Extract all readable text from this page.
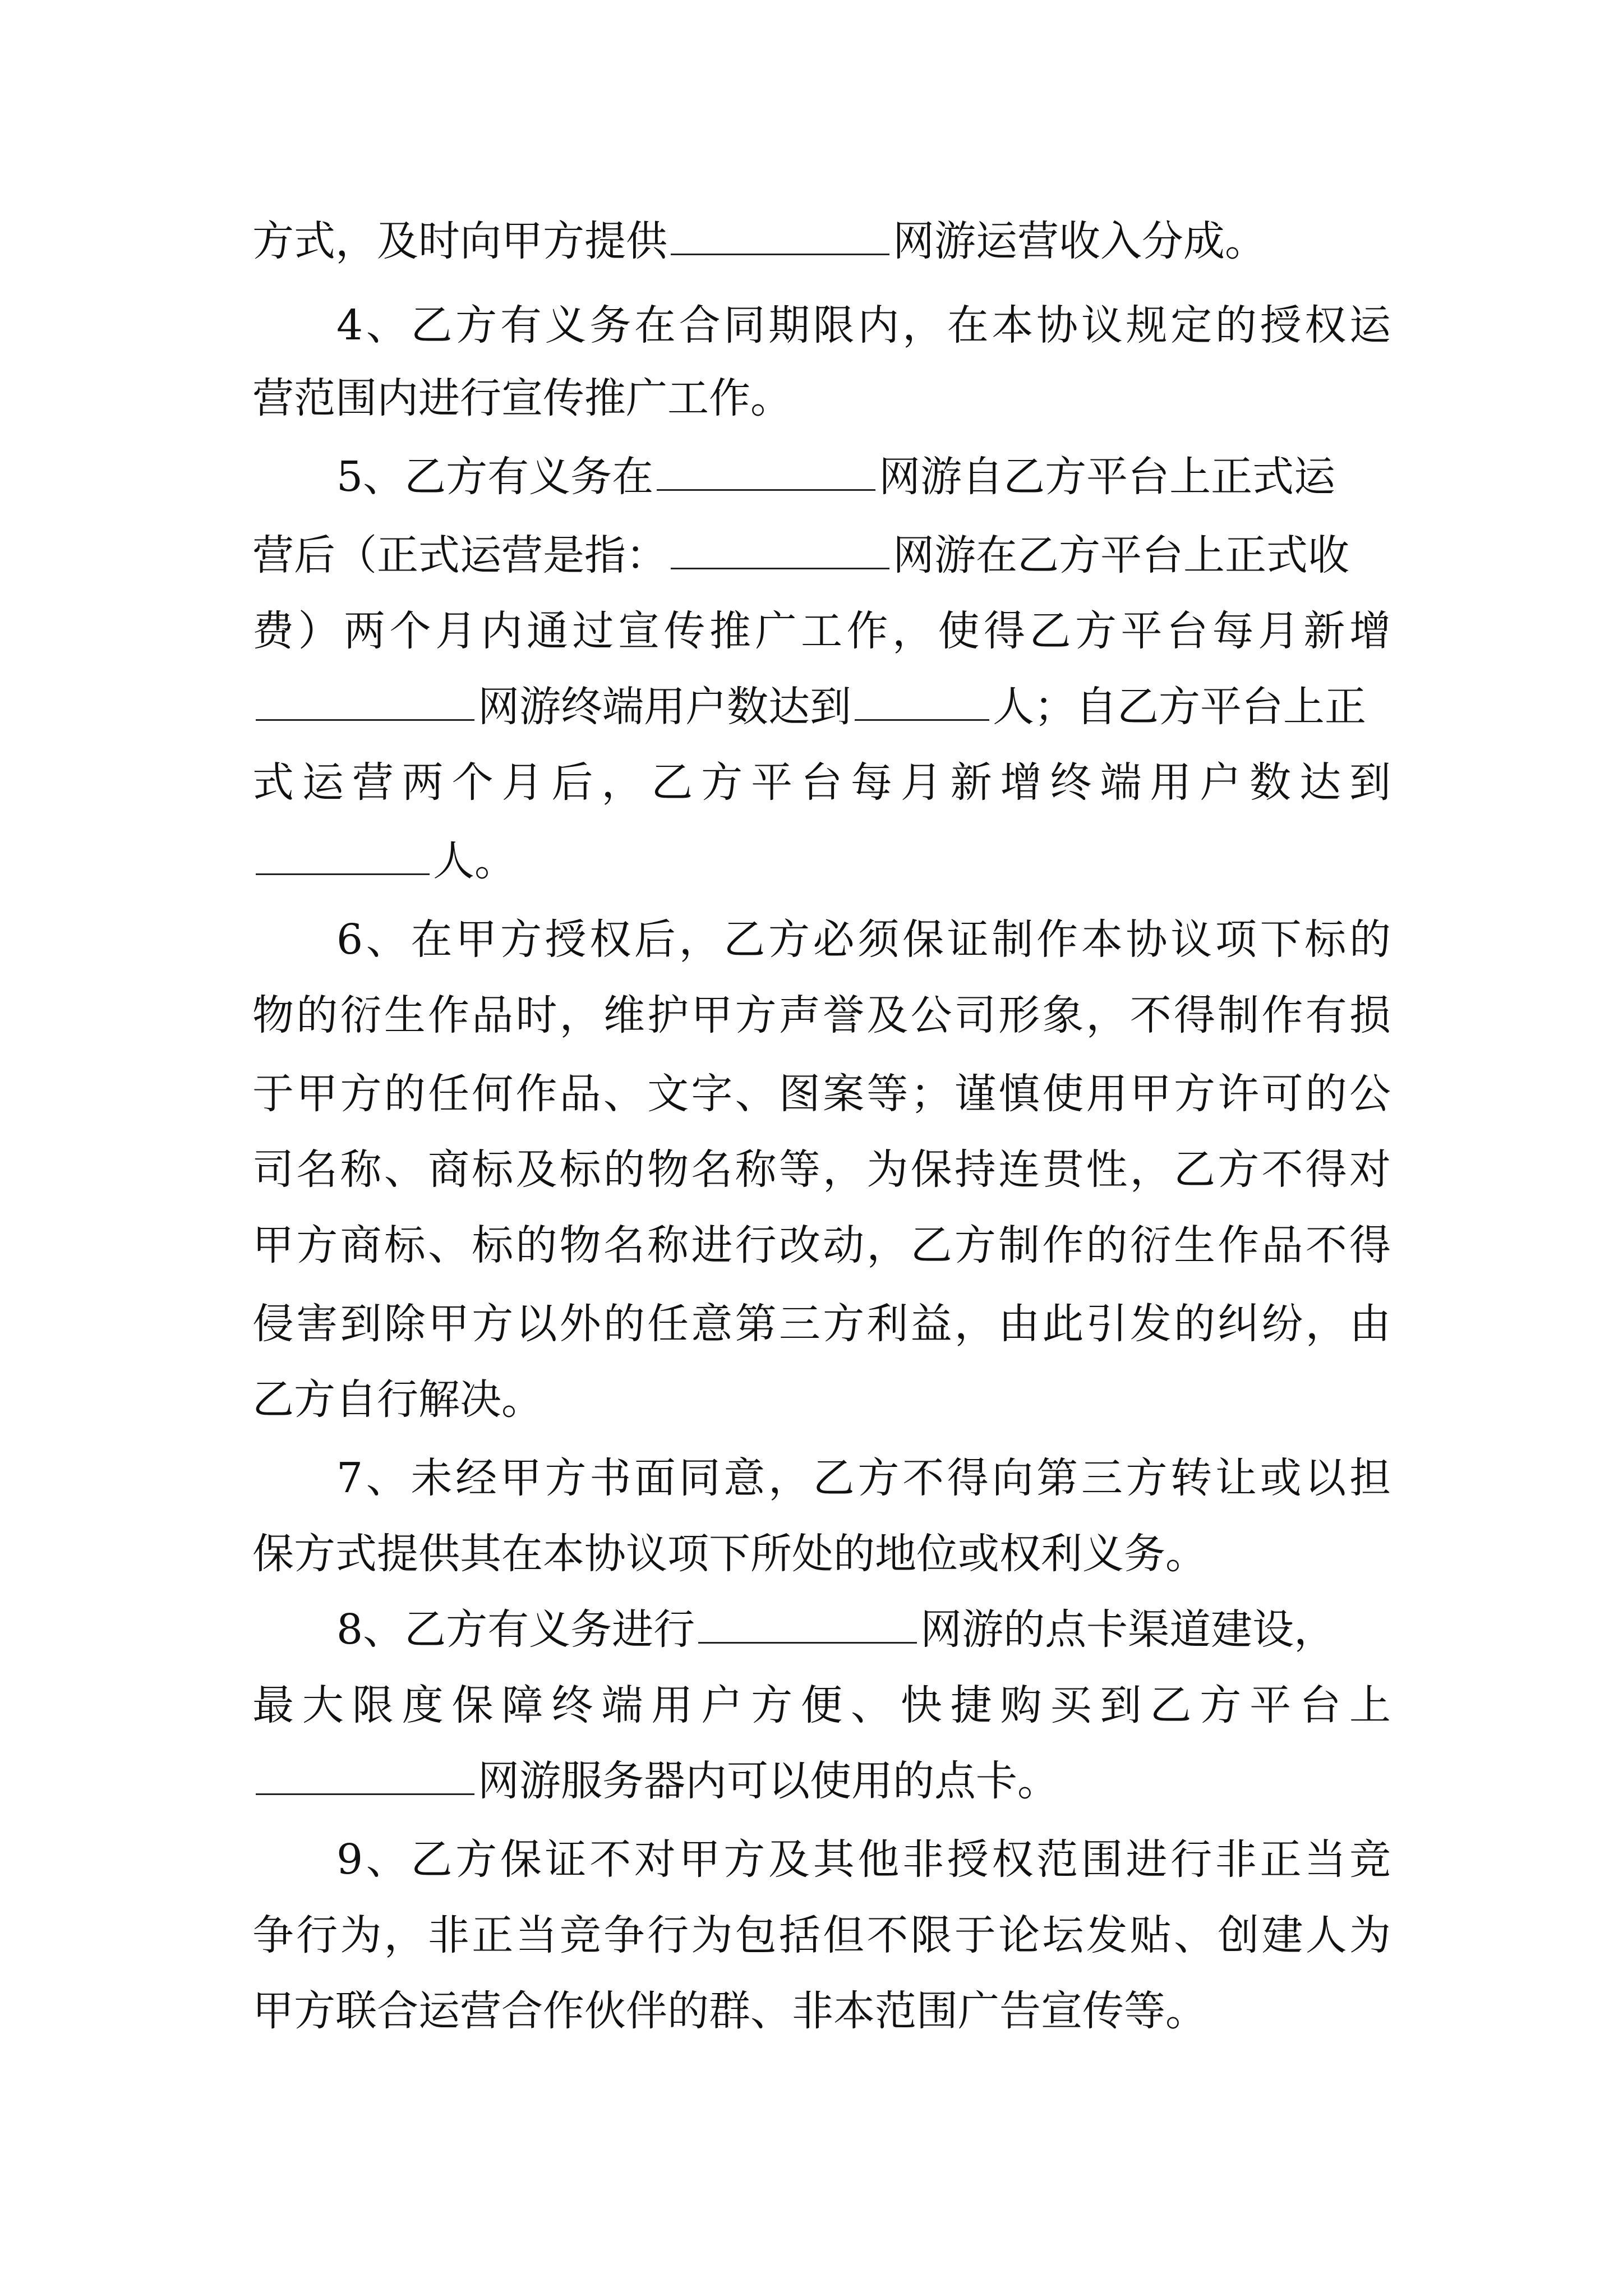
方式，及时向甲方提供	网游运营收入分成。
4、乙方有义务在合同期限内，在本协议规定的授权运
营范围内进行宣传推广工作。
5、乙方有义务在	网游自乙方平台上正式运
营后（正式运营是指：	网游在乙方平台上正式收
费）两个月内通过宣传推广工作，使得乙方平台每月新增
网游终端用户数达到	人；自乙方平台上正
式运营两个月后，乙方平台每月新增终端用户数达到
人。
6、在甲方授权后，乙方必须保证制作本协议项下标的
物的衍生作品时，维护甲方声誉及公司形象，不得制作有损
于甲方的任何作品、文字、图案等；谨慎使用甲方许可的公
司名称、商标及标的物名称等，为保持连贯性，乙方不得对
甲方商标、标的物名称进行改动，乙方制作的衍生作品不得
侵害到除甲方以外的任意第三方利益，由此引发的纠纷，由
乙方自行解决。
7、未经甲方书面同意，乙方不得向第三方转让或以担
保方式提供其在本协议项下所处的地位或权利义务。
8、乙方有义务进行	网游的点卡渠道建设，
最大限度保障终端用户方便、快捷购买到乙方平台上
网游服务器内可以使用的点卡。
9、乙方保证不对甲方及其他非授权范围进行非正当竞
争行为，非正当竞争行为包括但不限于论坛发贴、创建人为
甲方联合运营合作伙伴的群、非本范围广告宣传等。
